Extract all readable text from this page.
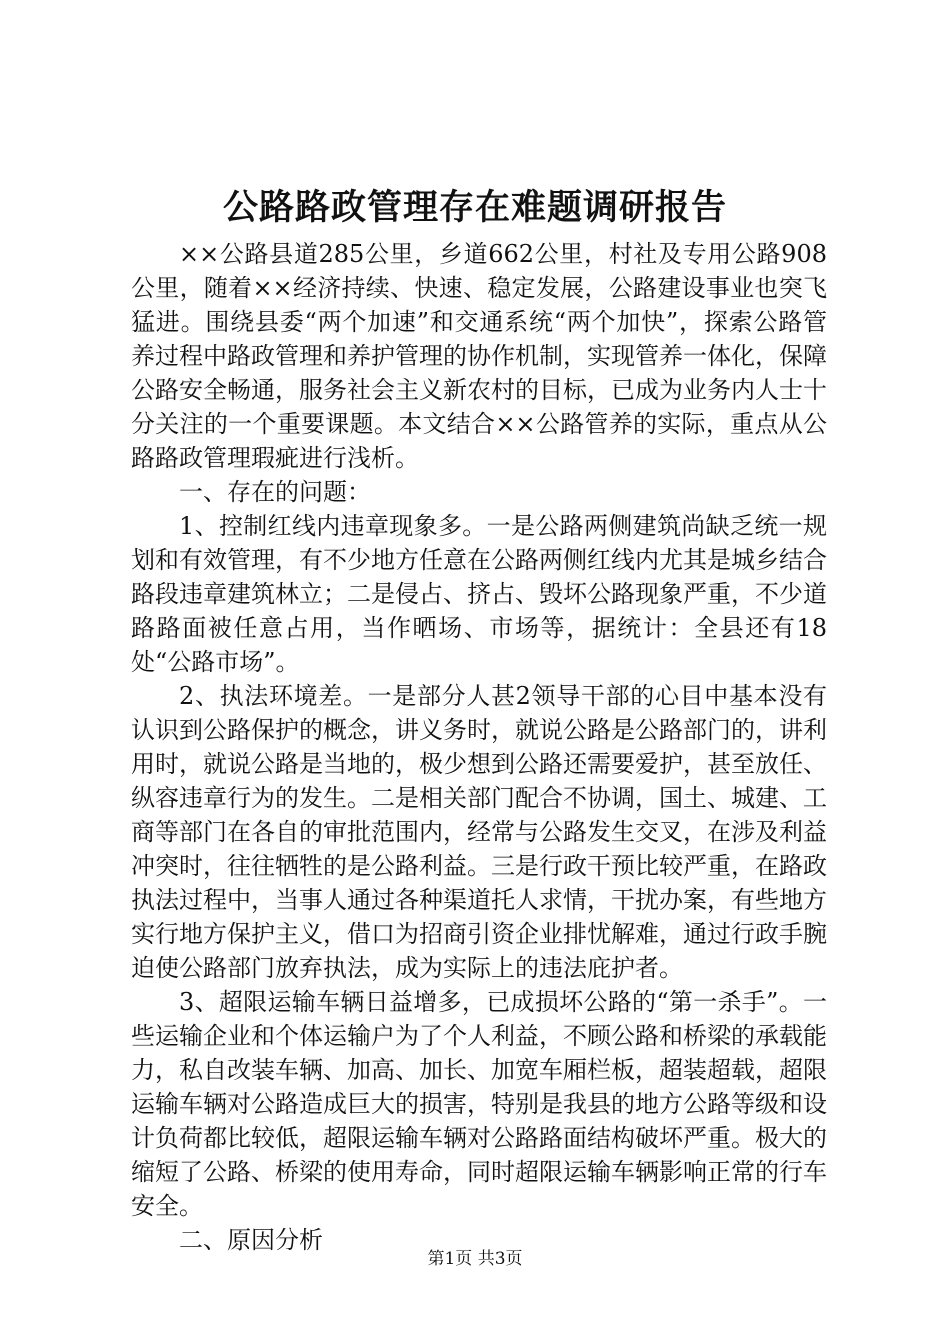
公路路政管理存在难题调研报告

××公路县道285公里，乡道662公里，村社及专用公路908公里，随着××经济持续、快速、稳定发展，公路建设事业也突飞猛进。围绕县委“两个加速”和交通系统“两个加快”，探索公路管养过程中路政管理和养护管理的协作机制，实现管养一体化，保障公路安全畅通，服务社会主义新农村的目标，已成为业务内人士十分关注的一个重要课题。本文结合××公路管养的实际，重点从公路路政管理瑕疵进行浅析。

一、存在的问题：

1、控制红线内违章现象多。一是公路两侧建筑尚缺乏统一规划和有效管理，有不少地方任意在公路两侧红线内尤其是城乡结合路段违章建筑林立；二是侵占、挤占、毁坏公路现象严重，不少道路路面被任意占用，当作晒场、市场等，据统计：全县还有18处“公路市场”。

2、执法环境差。一是部分人甚2领导干部的心目中基本没有认识到公路保护的概念，讲义务时，就说公路是公路部门的，讲利用时，就说公路是当地的，极少想到公路还需要爱护，甚至放任、纵容违章行为的发生。二是相关部门配合不协调，国土、城建、工商等部门在各自的审批范围内，经常与公路发生交叉，在涉及利益冲突时，往往牺牲的是公路利益。三是行政干预比较严重，在路政执法过程中，当事人通过各种渠道托人求情，干扰办案，有些地方实行地方保护主义，借口为招商引资企业排忧解难，通过行政手腕迫使公路部门放弃执法，成为实际上的违法庇护者。

3、超限运输车辆日益增多，已成损坏公路的“第一杀手”。一些运输企业和个体运输户为了个人利益，不顾公路和桥梁的承载能力，私自改装车辆、加高、加长、加宽车厢栏板，超装超载，超限运输车辆对公路造成巨大的损害，特别是我县的地方公路等级和设计负荷都比较低，超限运输车辆对公路路面结构破坏严重。极大的缩短了公路、桥梁的使用寿命，同时超限运输车辆影响正常的行车安全。

二、原因分析

第1页 共3页
